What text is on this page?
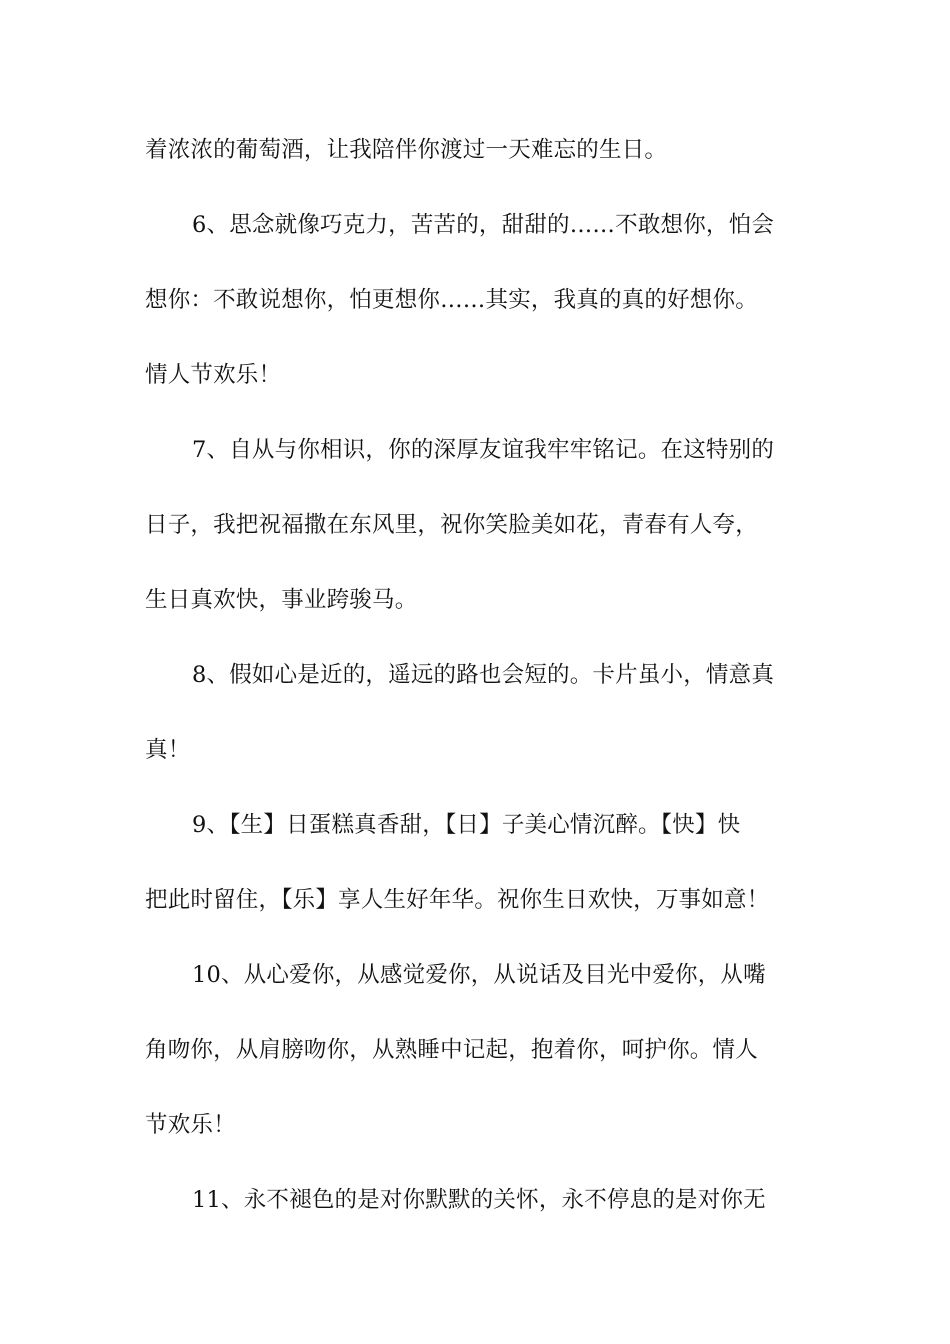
着浓浓的葡萄酒，让我陪伴你渡过一天难忘的生日。
6、思念就像巧克力，苦苦的，甜甜的……不敢想你，怕会
想你：不敢说想你，怕更想你……其实，我真的真的好想你。
情人节欢乐！
7、自从与你相识，你的深厚友谊我牢牢铭记。在这特别的
日子，我把祝福撒在东风里，祝你笑脸美如花，青春有人夸，
生日真欢快，事业跨骏马。
8、假如心是近的，遥远的路也会短的。卡片虽小，情意真
真！
9、【生】日蛋糕真香甜，【日】子美心情沉醉。【快】快
把此时留住，【乐】享人生好年华。祝你生日欢快，万事如意！
10、从心爱你，从感觉爱你，从说话及目光中爱你，从嘴
角吻你，从肩膀吻你，从熟睡中记起，抱着你，呵护你。情人
节欢乐！
11、永不褪色的是对你默默的关怀，永不停息的是对你无
